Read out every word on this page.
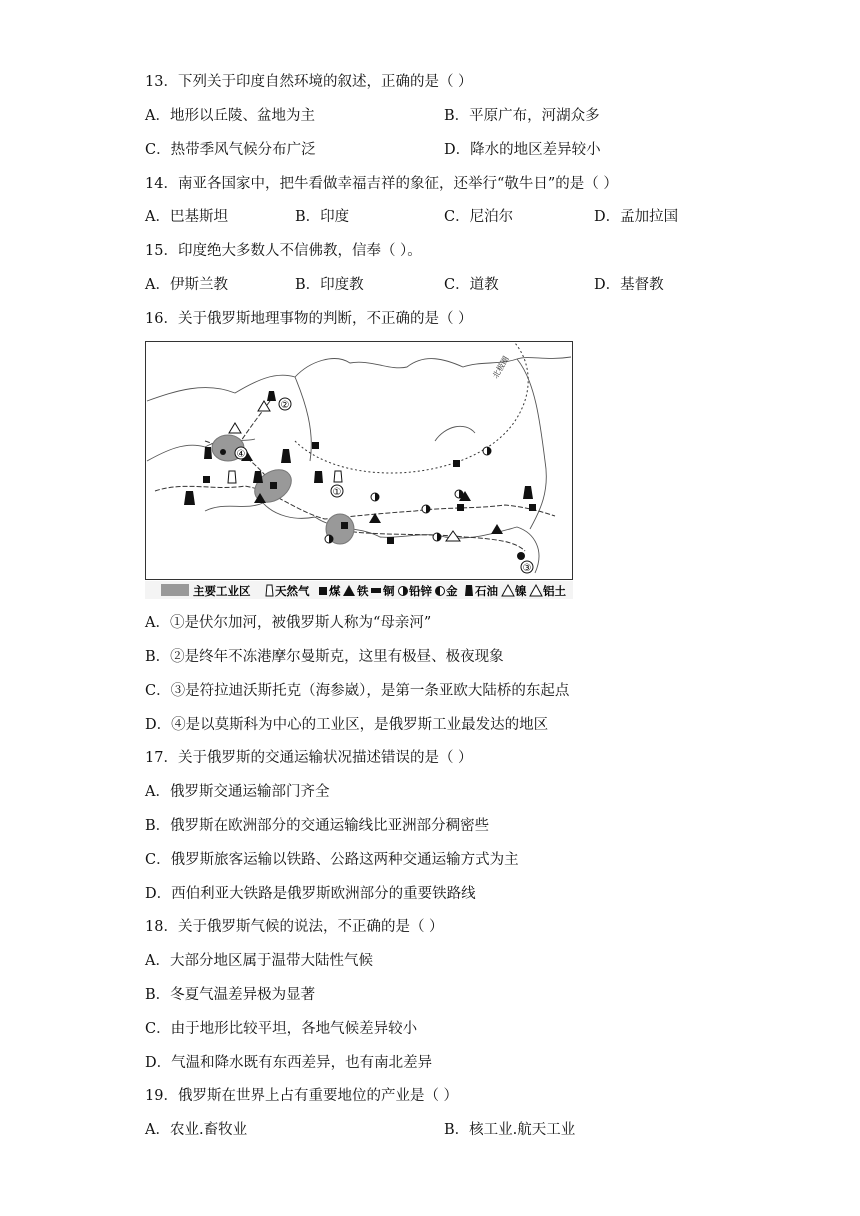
13．下列关于印度自然环境的叙述，正确的是（ ）
A．地形以丘陵、盆地为主	B．平原广布，河湖众多
C．热带季风气候分布广泛	D．降水的地区差异较小
14．南亚各国家中，把牛看做幸福吉祥的象征，还举行“敬牛日”的是（ ）
A．巴基斯坦	B．印度	C．尼泊尔	D．孟加拉国
15．印度绝大多数人不信佛教，信奉（ ）。
A．伊斯兰教	B．印度教	C．道教	D．基督教
16．关于俄罗斯地理事物的判断，不正确的是（ ）
北极圈
②
④
①
③
主要工业区 天然气 煤 铁 铜 铅锌 金 石油 镍 铝土
A．①是伏尔加河，被俄罗斯人称为“母亲河”
B．②是终年不冻港摩尔曼斯克，这里有极昼、极夜现象
C．③是符拉迪沃斯托克（海参崴），是第一条亚欧大陆桥的东起点
D．④是以莫斯科为中心的工业区，是俄罗斯工业最发达的地区
17．关于俄罗斯的交通运输状况描述错误的是（ ）
A．俄罗斯交通运输部门齐全
B．俄罗斯在欧洲部分的交通运输线比亚洲部分稠密些
C．俄罗斯旅客运输以铁路、公路这两种交通运输方式为主
D．西伯利亚大铁路是俄罗斯欧洲部分的重要铁路线
18．关于俄罗斯气候的说法，不正确的是（ ）
A．大部分地区属于温带大陆性气候
B．冬夏气温差异极为显著
C．由于地形比较平坦，各地气候差异较小
D．气温和降水既有东西差异，也有南北差异
19．俄罗斯在世界上占有重要地位的产业是（ ）
A．农业.畜牧业	B．核工业.航天工业
